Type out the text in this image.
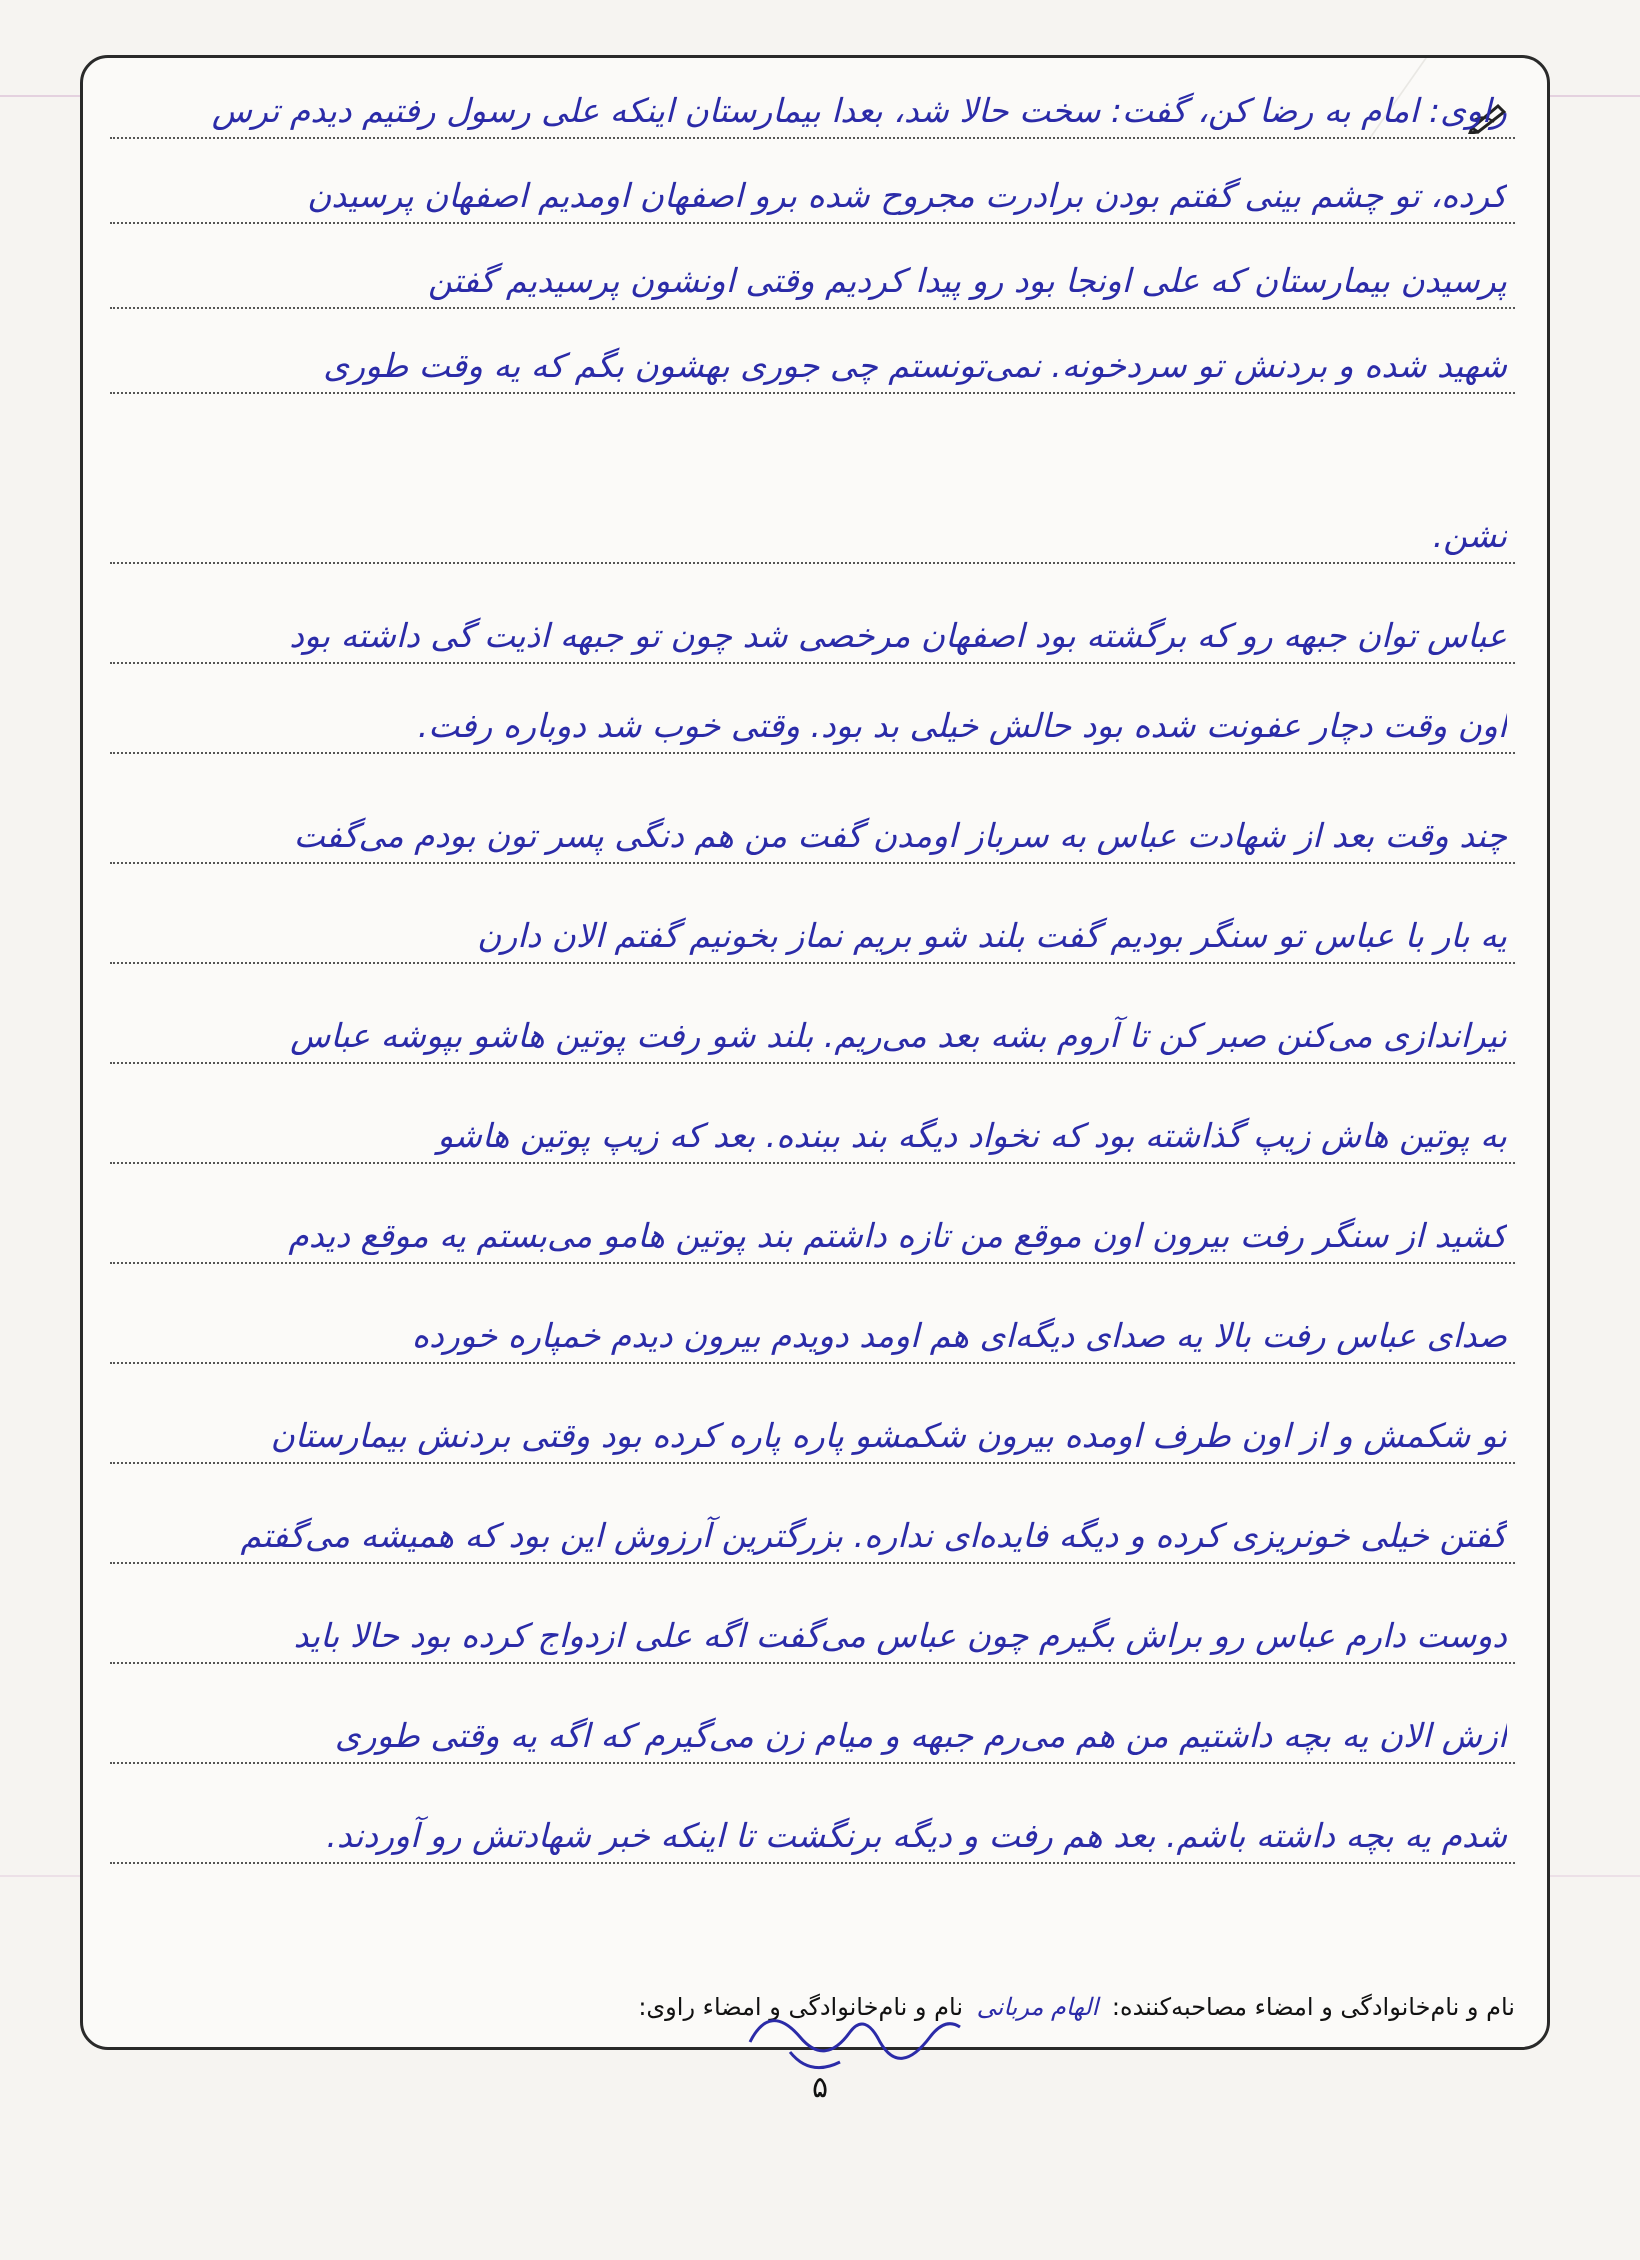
راوی: امام به رضا کن، گفت: سخت حالا شد، بعدا بیمارستان اینکه علی رسول رفتیم دیدم ترس
کرده، تو چشم بینی گفتم بودن برادرت مجروح شده برو اصفهان اومدیم اصفهان پرسیدن
پرسیدن بیمارستان که علی اونجا بود رو پیدا کردیم وقتی اونشون پرسیدیم گفتن
شهید شده و بردنش تو سردخونه. نمی‌تونستم چی جوری بهشون بگم که یه وقت طوری
نشن.
عباس توان جبهه رو که برگشته بود اصفهان مرخصی شد چون تو جبهه اذیت گی داشته بود
اون وقت دچار عفونت شده بود حالش خیلی بد بود. وقتی خوب شد دوباره رفت.
چند وقت بعد از شهادت عباس به سرباز اومدن گفت من هم دنگی پسر تون بودم می‌گفت
یه بار با عباس تو سنگر بودیم گفت بلند شو بریم نماز بخونیم گفتم الان دارن
تیراندازی می‌کنن صبر کن تا آروم بشه بعد می‌ریم. بلند شو رفت پوتین هاشو بپوشه عباس
به پوتین هاش زیپ گذاشته بود که نخواد دیگه بند ببنده. بعد که زیپ پوتین هاشو
کشید از سنگر رفت بیرون اون موقع من تازه داشتم بند پوتین هامو می‌بستم یه موقع دیدم
صدای عباس رفت بالا یه صدای دیگه‌ای هم اومد دویدم بیرون دیدم خمپاره خورده
تو شکمش و از اون طرف اومده بیرون شکمشو پاره پاره کرده بود وقتی بردنش بیمارستان
گفتن خیلی خونریزی کرده و دیگه فایده‌ای نداره. بزرگترین آرزوش این بود که همیشه می‌گفتم
دوست دارم عباس رو براش بگیرم چون عباس می‌گفت اگه علی ازدواج کرده بود حالا باید
ازش الان یه بچه داشتیم من هم می‌رم جبهه و میام زن می‌گیرم که اگه یه وقتی طوری
شدم یه بچه داشته باشم. بعد هم رفت و دیگه برنگشت تا اینکه خبر شهادتش رو آوردند.
نام و نام‌خانوادگی و امضاء مصاحبه‌کننده: الهام مربانی نام و نام‌خانوادگی و امضاء راوی:
۵
